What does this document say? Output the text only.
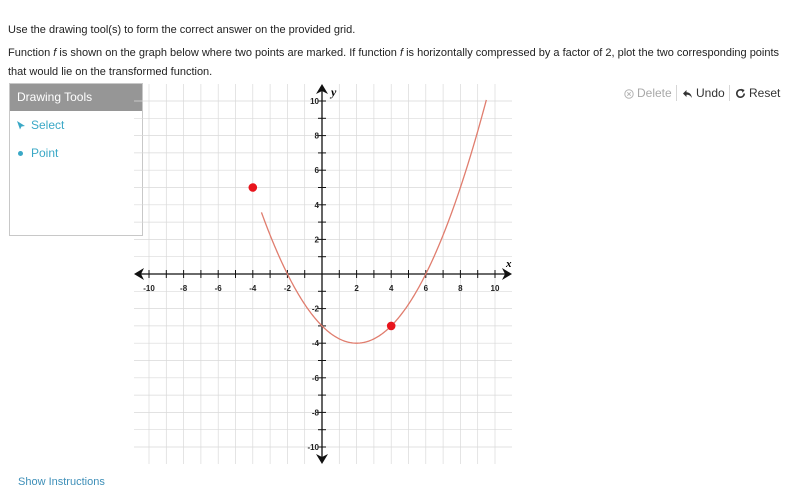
Use the drawing tool(s) to form the correct answer on the provided grid.

Function f is shown on the graph below where two points are marked. If function f is horizontally compressed by a factor of 2, plot the two corresponding points that would lie on the transformed function.

Drawing Tools
Select
Point
Delete	Undo	Reset
-10	-8	-6	-4	-2	2	4	6	8	10
10
8
6
4
2
-2
-4
-6
-8
-10
x
y
Show Instructions
